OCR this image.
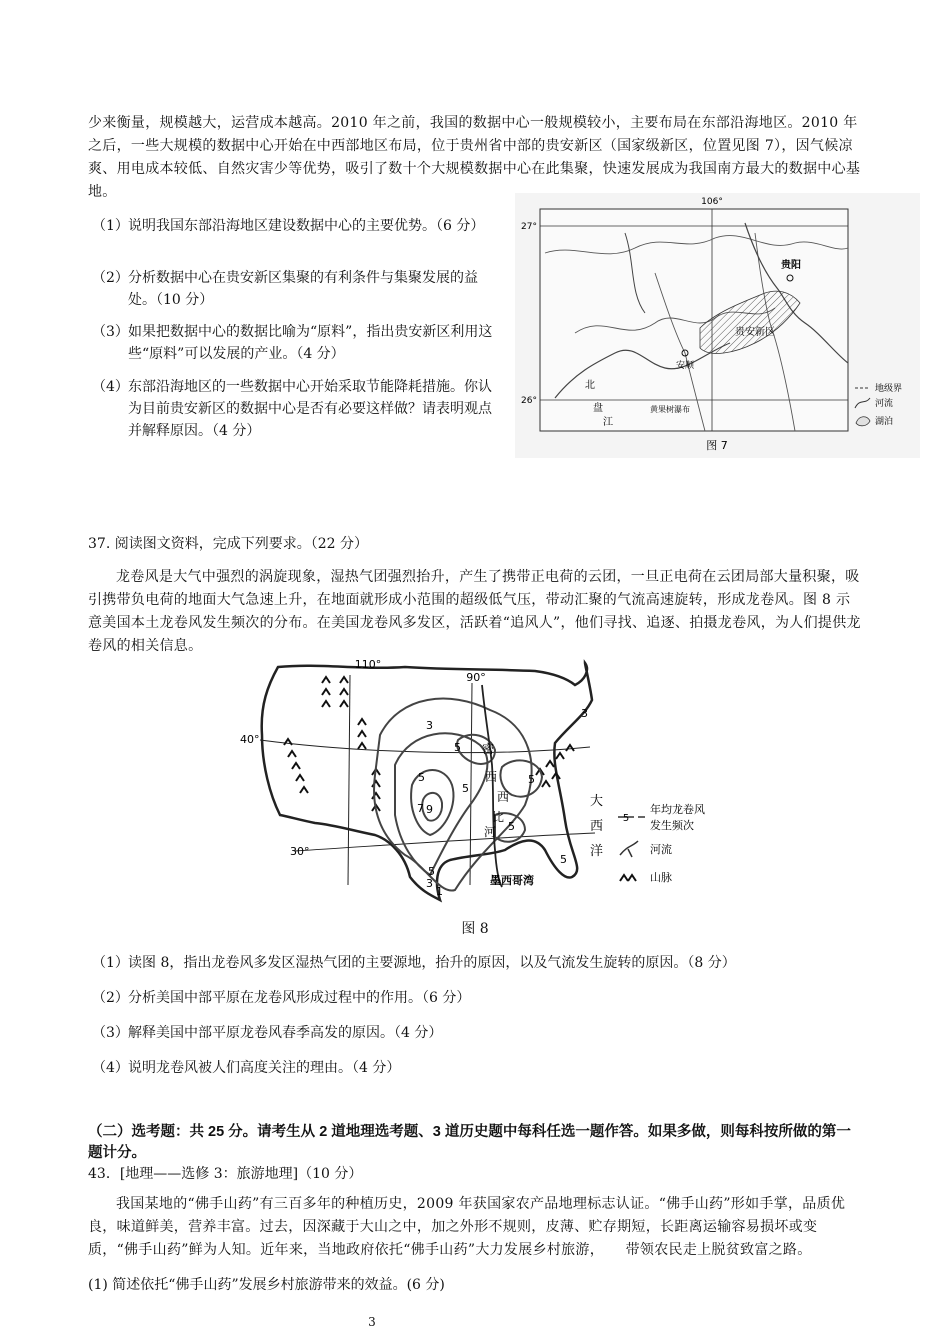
少来衡量，规模越大，运营成本越高。2010 年之前，我国的数据中心一般规模较小，主要布局在东部沿海地区。2010 年之后，一些大规模的数据中心开始在中西部地区布局，位于贵州省中部的贵安新区（国家级新区，位置见图 7），因气候凉爽、用电成本较低、自然灾害少等优势，吸引了数十个大规模数据中心在此集聚，快速发展成为我国南方最大的数据中心基地。
（1） 说明我国东部沿海地区建设数据中心的主要优势。（6 分）
（2） 分析数据中心在贵安新区集聚的有利条件与集聚发展的益处。（10 分）
（3） 如果把数据中心的数据比喻为“原料”，指出贵安新区利用这些“原料”可以发展的产业。（4 分）
（4） 东部沿海地区的一些数据中心开始采取节能降耗措施。你认为目前贵安新区的数据中心是否有必要这样做？请表明观点并解释原因。（4 分）
106°
27°
26°
贵安新区
贵阳
安顺
北
盘
江
黄果树瀑布
地级界
河流
湖泊
图 7
37. 阅读图文资料，完成下列要求。（22 分）
龙卷风是大气中强烈的涡旋现象，湿热气团强烈抬升，产生了携带正电荷的云团，一旦正电荷在云团局部大量积聚，吸引携带负电荷的地面大气急速上升，在地面就形成小范围的超级低气压，带动汇聚的气流高速旋转，形成龙卷风。图 8 示意美国本土龙卷风发生频次的分布。在美国龙卷风多发区，活跃着“追风人”，他们寻找、追逐、拍摄龙卷风，为人们提供龙卷风的相关信息。
110°
90°
40°
30°
3
5
5
7 9
5
5
3
5
1
5
5
3
密
西
西
比
河
墨西哥湾
大
西
洋
5
年均龙卷风
发生频次
河流
山脉
图 8
（1） 读图 8，指出龙卷风多发区湿热气团的主要源地，抬升的原因，以及气流发生旋转的原因。（8 分）
（2） 分析美国中部平原在龙卷风形成过程中的作用。（6 分）
（3） 解释美国中部平原龙卷风春季高发的原因。（4 分）
（4） 说明龙卷风被人们高度关注的理由。（4 分）
（二）选考题：共 25 分。请考生从 2 道地理选考题、3 道历史题中每科任选一题作答。如果多做，则每科按所做的第一题计分。
43．[地理——选修 3：旅游地理]（10 分）
我国某地的“佛手山药”有三百多年的种植历史，2009 年获国家农产品地理标志认证。“佛手山药”形如手掌，品质优良，味道鲜美，营养丰富。过去，因深藏于大山之中，加之外形不规则，皮薄、贮存期短，长距离运输容易损坏或变质，“佛手山药”鲜为人知。近年来，当地政府依托“佛手山药”大力发展乡村旅游，　　带领农民走上脱贫致富之路。
(1) 简述依托“佛手山药”发展乡村旅游带来的效益。(6 分)
3
